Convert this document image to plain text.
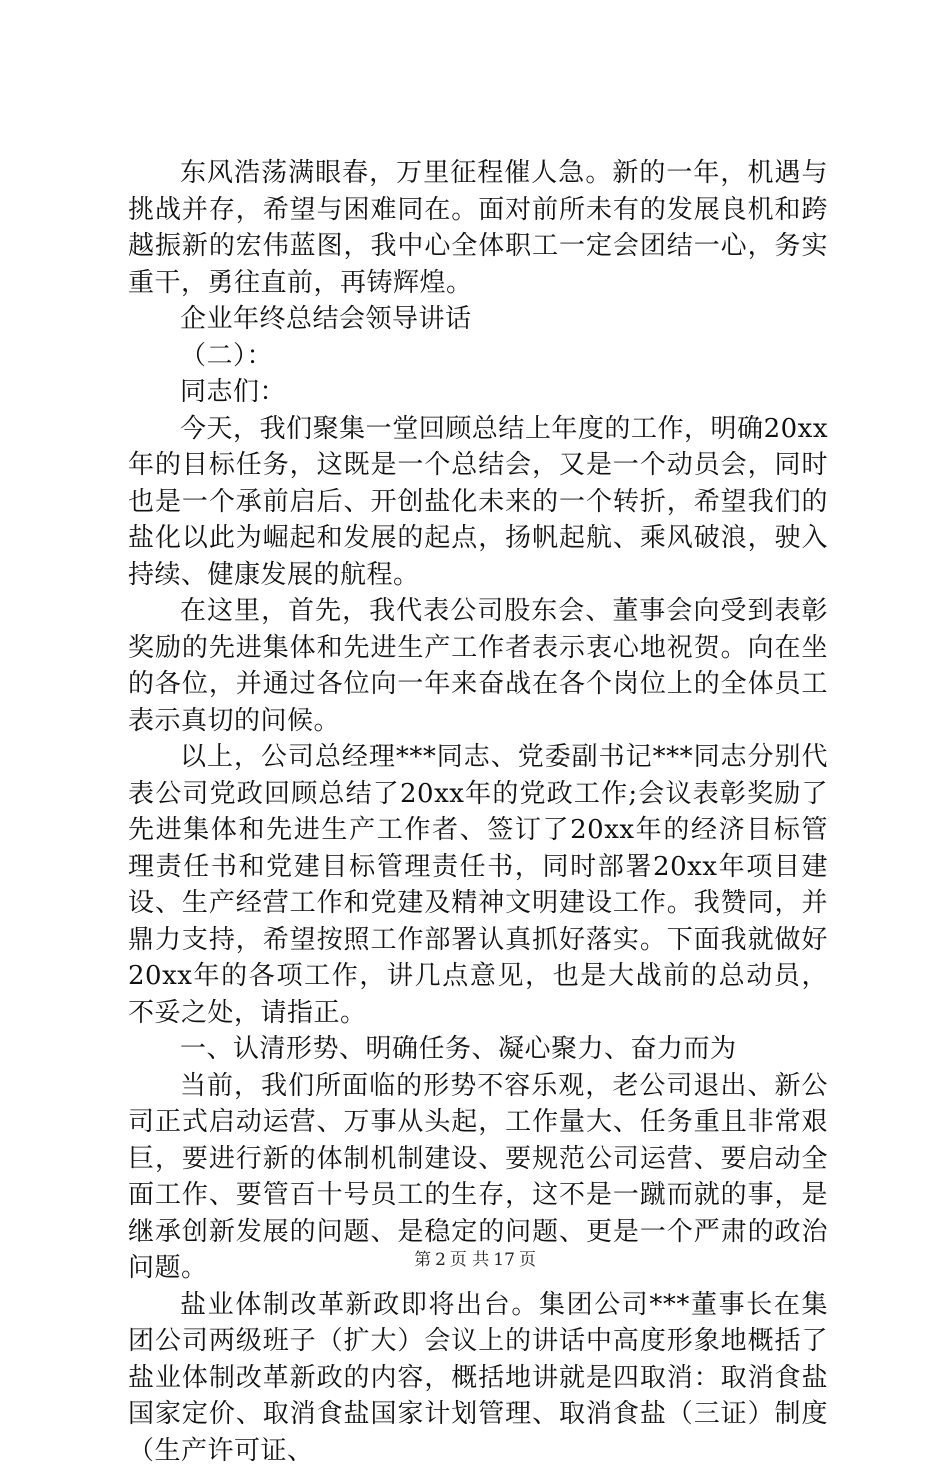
东风浩荡满眼春，万里征程催人急。新的一年，机遇与挑战并存，希望与困难同在。面对前所未有的发展良机和跨越振新的宏伟蓝图，我中心全体职工一定会团结一心，务实重干，勇往直前，再铸辉煌。

企业年终总结会领导讲话

（二）：

同志们：

今天，我们聚集一堂回顾总结上年度的工作，明确20xx年的目标任务，这既是一个总结会，又是一个动员会，同时也是一个承前启后、开创盐化未来的一个转折，希望我们的盐化以此为崛起和发展的起点，扬帆起航、乘风破浪，驶入持续、健康发展的航程。

在这里，首先，我代表公司股东会、董事会向受到表彰奖励的先进集体和先进生产工作者表示衷心地祝贺。向在坐的各位，并通过各位向一年来奋战在各个岗位上的全体员工表示真切的问候。

以上，公司总经理***同志、党委副书记***同志分别代表公司党政回顾总结了20xx年的党政工作;会议表彰奖励了先进集体和先进生产工作者、签订了20xx年的经济目标管理责任书和党建目标管理责任书，同时部署20xx年项目建设、生产经营工作和党建及精神文明建设工作。我赞同，并鼎力支持，希望按照工作部署认真抓好落实。下面我就做好20xx年的各项工作，讲几点意见，也是大战前的总动员，不妥之处，请指正。

一、认清形势、明确任务、凝心聚力、奋力而为

当前，我们所面临的形势不容乐观，老公司退出、新公司正式启动运营、万事从头起，工作量大、任务重且非常艰巨，要进行新的体制机制建设、要规范公司运营、要启动全面工作、要管百十号员工的生存，这不是一蹴而就的事，是继承创新发展的问题、是稳定的问题、更是一个严肃的政治问题。

盐业体制改革新政即将出台。集团公司***董事长在集团公司两级班子（扩大）会议上的讲话中高度形象地概括了盐业体制改革新政的内容，概括地讲就是四取消：取消食盐国家定价、取消食盐国家计划管理、取消食盐（三证）制度（生产许可证、

第 2 页 共 17 页
